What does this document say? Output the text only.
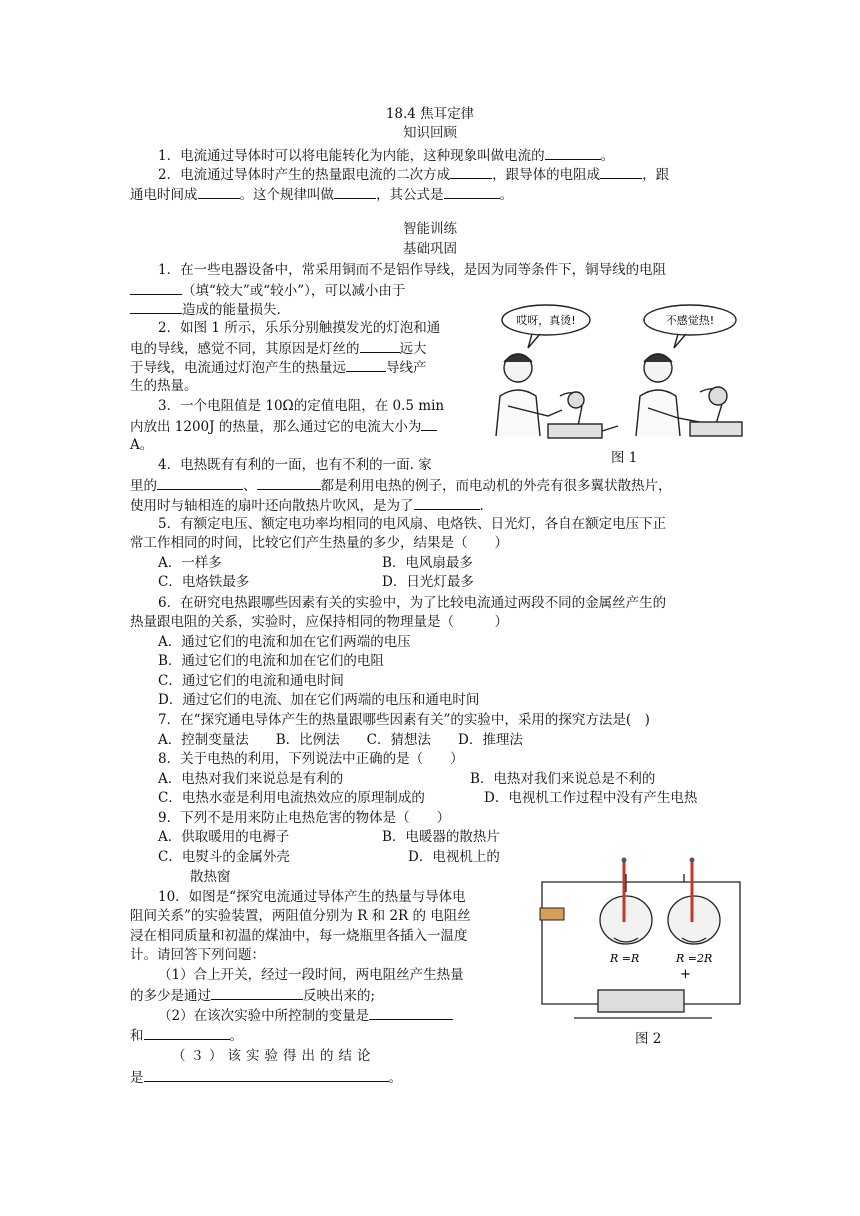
18.4 焦耳定律
知识回顾
1．电流通过导体时可以将电能转化为内能，这种现象叫做电流的	。
2．电流通过导体时产生的热量跟电流的二次方成	，跟导体的电阻成	，跟
通电时间成	。这个规律叫做	，其公式是	。
智能训练
基础巩固
1．在一些电器设备中，常采用铜而不是铝作导线，是因为同等条件下，铜导线的电阻
（填“较大”或“较小”），可以减小由于
造成的能量损失.
2．如图 1 所示，乐乐分别触摸发光的灯泡和通
电的导线，感觉不同，其原因是灯丝的	远大
于导线，电流通过灯泡产生的热量远	导线产
生的热量。
3．一个电阻值是 10Ω的定值电阻，在 0.5 min
内放出 1200J 的热量，那么通过它的电流大小为
A。
4．电热既有有利的一面，也有不利的一面. 家
里的	、	都是利用电热的例子，而电动机的外壳有很多翼状散热片，
使用时与轴相连的扇叶还向散热片吹风，是为了	.
5．有额定电压、额定电功率均相同的电风扇、电烙铁、日光灯，各自在额定电压下正
常工作相同的时间，比较它们产生热量的多少，结果是（　　）
A．一样多	B．电风扇最多
C．电烙铁最多	D．日光灯最多
6．在研究电热跟哪些因素有关的实验中，为了比较电流通过两段不同的金属丝产生的
热量跟电阻的关系，实验时，应保持相同的物理量是（　　　）
A．通过它们的电流和加在它们两端的电压
B．通过它们的电流和加在它们的电阻
C．通过它们的电流和通电时间
D．通过它们的电流、加在它们两端的电压和通电时间
7．在“探究通电导体产生的热量跟哪些因素有关”的实验中，采用的探究方法是(　)
A．控制变量法　　B．比例法　　C．猜想法　　D．推理法
8．关于电热的利用，下列说法中正确的是（　　）
A．电热对我们来说总是有利的	B．电热对我们来说总是不利的
C．电热水壶是利用电流热效应的原理制成的	D．电视机工作过程中没有产生电热
9．下列不是用来防止电热危害的物体是（　　）
A．供取暖用的电褥子	B．电暖器的散热片
C．电熨斗的金属外壳	D．电视机上的
散热窗
10．如图是“探究电流通过导体产生的热量与导体电
阻间关系”的实验装置，两阻值分别为 R 和 2R 的 电阻丝
浸在相同质量和初温的煤油中，每一烧瓶里各插入一温度
计。请回答下列问题：
（1）合上开关，经过一段时间，两电阻丝产生热量
的多少是通过	反映出来的;
（2）在该次实验中所控制的变量是
和	。
（３）该实验得出的结论
是	。
哎呀，真烫!	不感觉热!
图 1
R =R	R =2R
+
图 2
